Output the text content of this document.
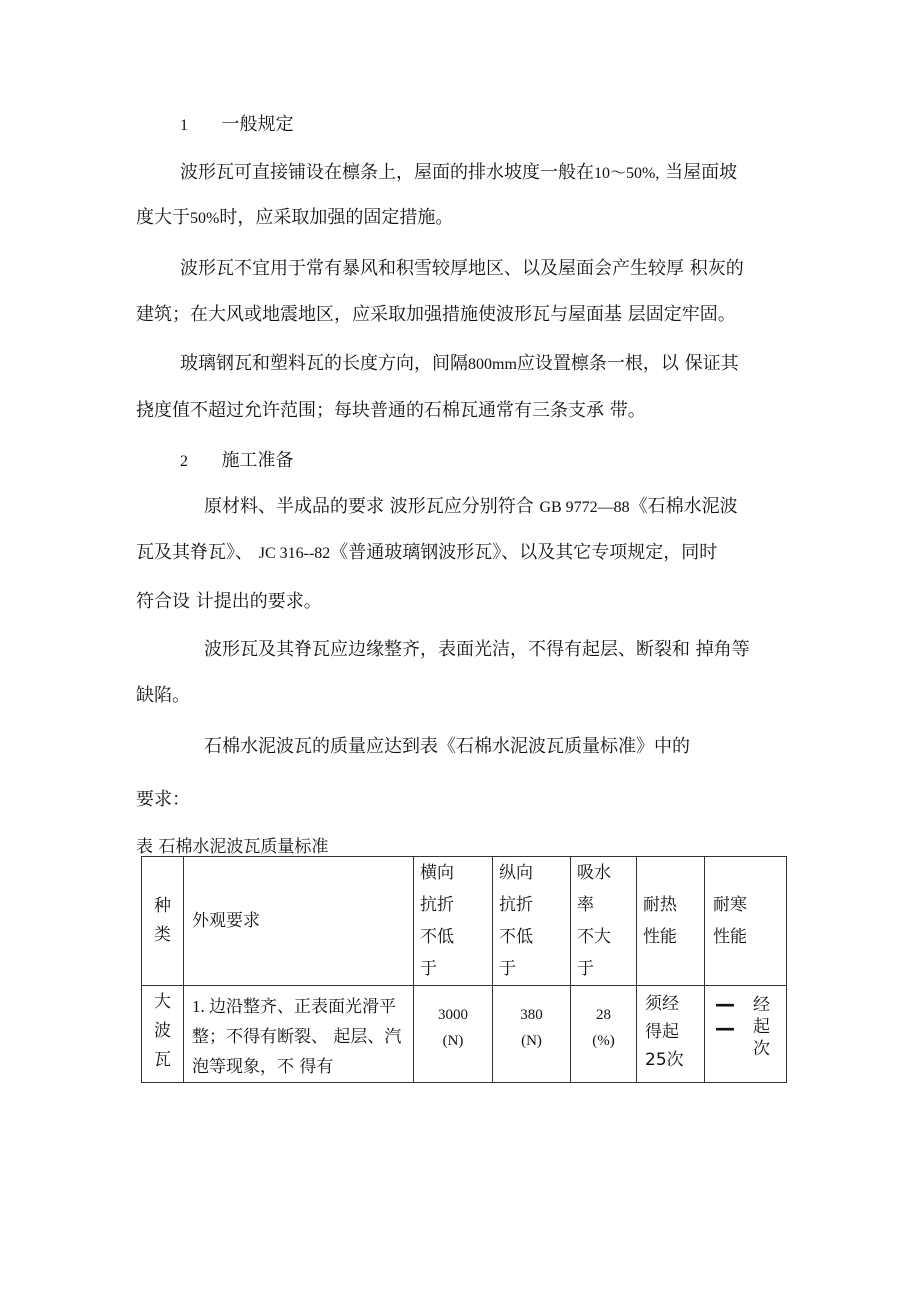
1 一般规定
波形瓦可直接铺设在檩条上，屋面的排水坡度一般在10～50%, 当屋面坡
度大于50%时，应采取加强的固定措施。
波形瓦不宜用于常有暴风和积雪较厚地区、以及屋面会产生较厚 积灰的
建筑；在大风或地震地区，应采取加强措施使波形瓦与屋面基 层固定牢固。
玻璃钢瓦和塑料瓦的长度方向，间隔800mm应设置檩条一根，以 保证其
挠度值不超过允许范围；每块普通的石棉瓦通常有三条支承 带。
2 施工准备
原材料、半成品的要求 波形瓦应分别符合 GB 9772—88《石棉水泥波
瓦及其脊瓦》、 JC 316--82《普通玻璃钢波形瓦》、以及其它专项规定，同时
符合设 计提出的要求。
波形瓦及其脊瓦应边缘整齐，表面光洁，不得有起层、断裂和 掉角等
缺陷。
石棉水泥波瓦的质量应达到表《石棉水泥波瓦质量标准》中的
要求：
表 石棉水泥波瓦质量标准
种
类	外观要求	横向
抗折
不低
于	纵向
抗折
不低
于	吸水
率
不大
于	耐热
性能	耐寒
性能

大
波
瓦	1. 边沿整齐、正表面光滑平整；不得有断裂、 起层、汽泡等现象，不 得有	3000
(N)	380
(N)	28
(%)	须经
得起
25次	—
—
经
起
次
